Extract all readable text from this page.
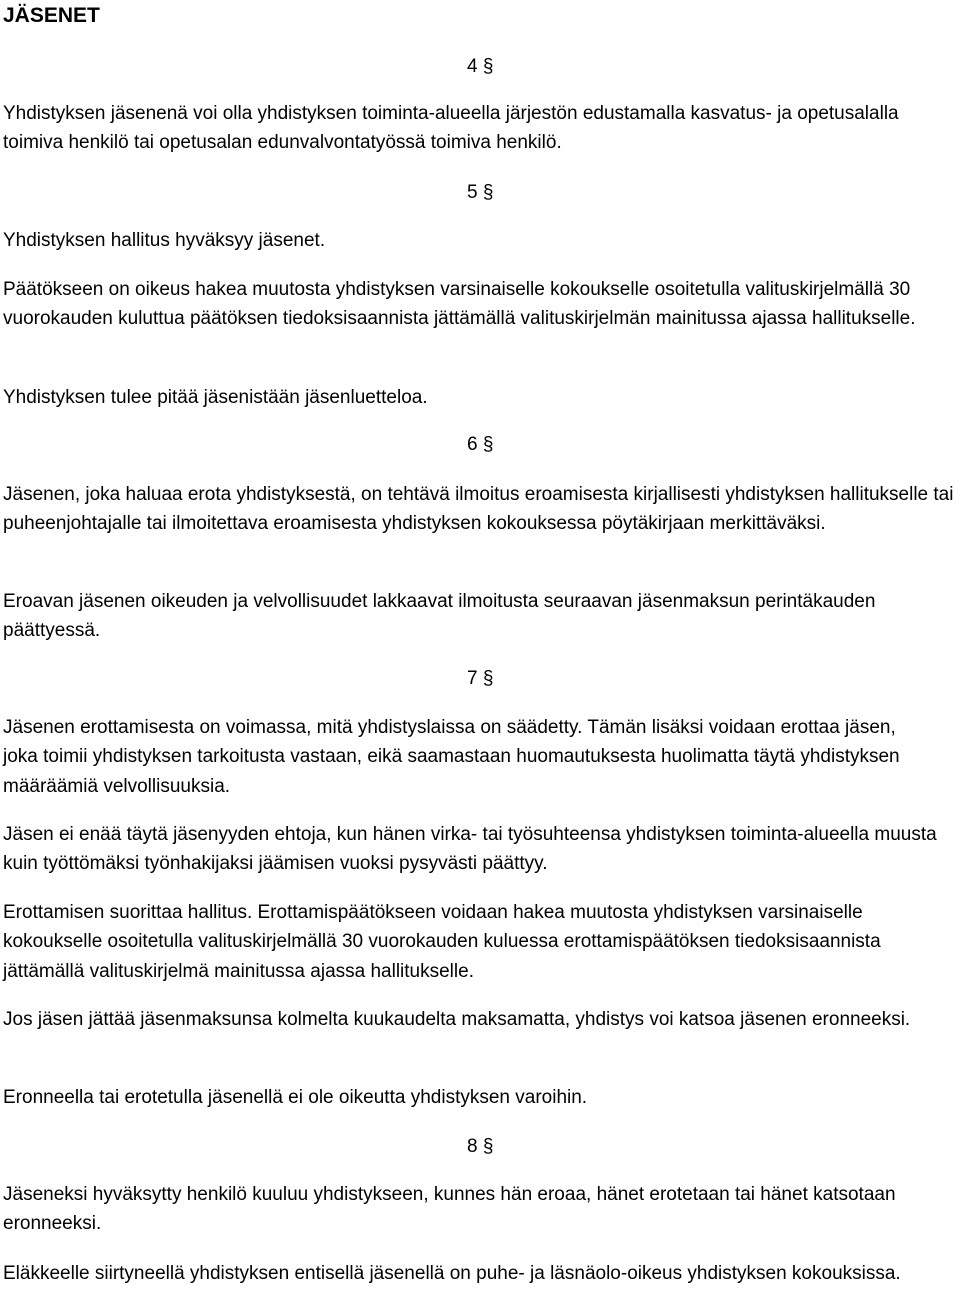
JÄSENET
4 §

Yhdistyksen jäsenenä voi olla yhdistyksen toiminta-alueella järjestön edustamalla kasvatus- ja opetusalalla toimiva henkilö tai opetusalan edunvalvontatyössä toimiva henkilö.

5 §

Yhdistyksen hallitus hyväksyy jäsenet.

Päätökseen on oikeus hakea muutosta yhdistyksen varsinaiselle kokoukselle osoitetulla valituskirjelmällä 30 vuorokauden kuluttua päätöksen tiedoksisaannista jättämällä valituskirjelmän mainitussa ajassa hallitukselle.

Yhdistyksen tulee pitää jäsenistään jäsenluetteloa.

6 §

Jäsenen, joka haluaa erota yhdistyksestä, on tehtävä ilmoitus eroamisesta kirjallisesti yhdistyksen hallitukselle tai puheenjohtajalle tai ilmoitettava eroamisesta yhdistyksen kokouksessa pöytäkirjaan merkittäväksi.

Eroavan jäsenen oikeuden ja velvollisuudet lakkaavat ilmoitusta seuraavan jäsenmaksun perintäkauden päättyessä.

7 §

Jäsenen erottamisesta on voimassa, mitä yhdistyslaissa on säädetty. Tämän lisäksi voidaan erottaa jäsen, joka toimii yhdistyksen tarkoitusta vastaan, eikä saamastaan huomautuksesta huolimatta täytä yhdistyksen määräämiä velvollisuuksia.

Jäsen ei enää täytä jäsenyyden ehtoja, kun hänen virka- tai työsuhteensa yhdistyksen toiminta-alueella muusta kuin työttömäksi työnhakijaksi jäämisen vuoksi pysyvästi päättyy.

Erottamisen suorittaa hallitus. Erottamispäätökseen voidaan hakea muutosta yhdistyksen varsinaiselle kokoukselle osoitetulla valituskirjelmällä 30 vuorokauden kuluessa erottamispäätöksen tiedoksisaannista jättämällä valituskirjelmä mainitussa ajassa hallitukselle.

Jos jäsen jättää jäsenmaksunsa kolmelta kuukaudelta maksamatta, yhdistys voi katsoa jäsenen eronneeksi.

Eronneella tai erotetulla jäsenellä ei ole oikeutta yhdistyksen varoihin.

8 §

Jäseneksi hyväksytty henkilö kuuluu yhdistykseen, kunnes hän eroaa, hänet erotetaan tai hänet katsotaan eronneeksi.

Eläkkeelle siirtyneellä yhdistyksen entisellä jäsenellä on puhe- ja läsnäolo-oikeus yhdistyksen kokouksissa.
